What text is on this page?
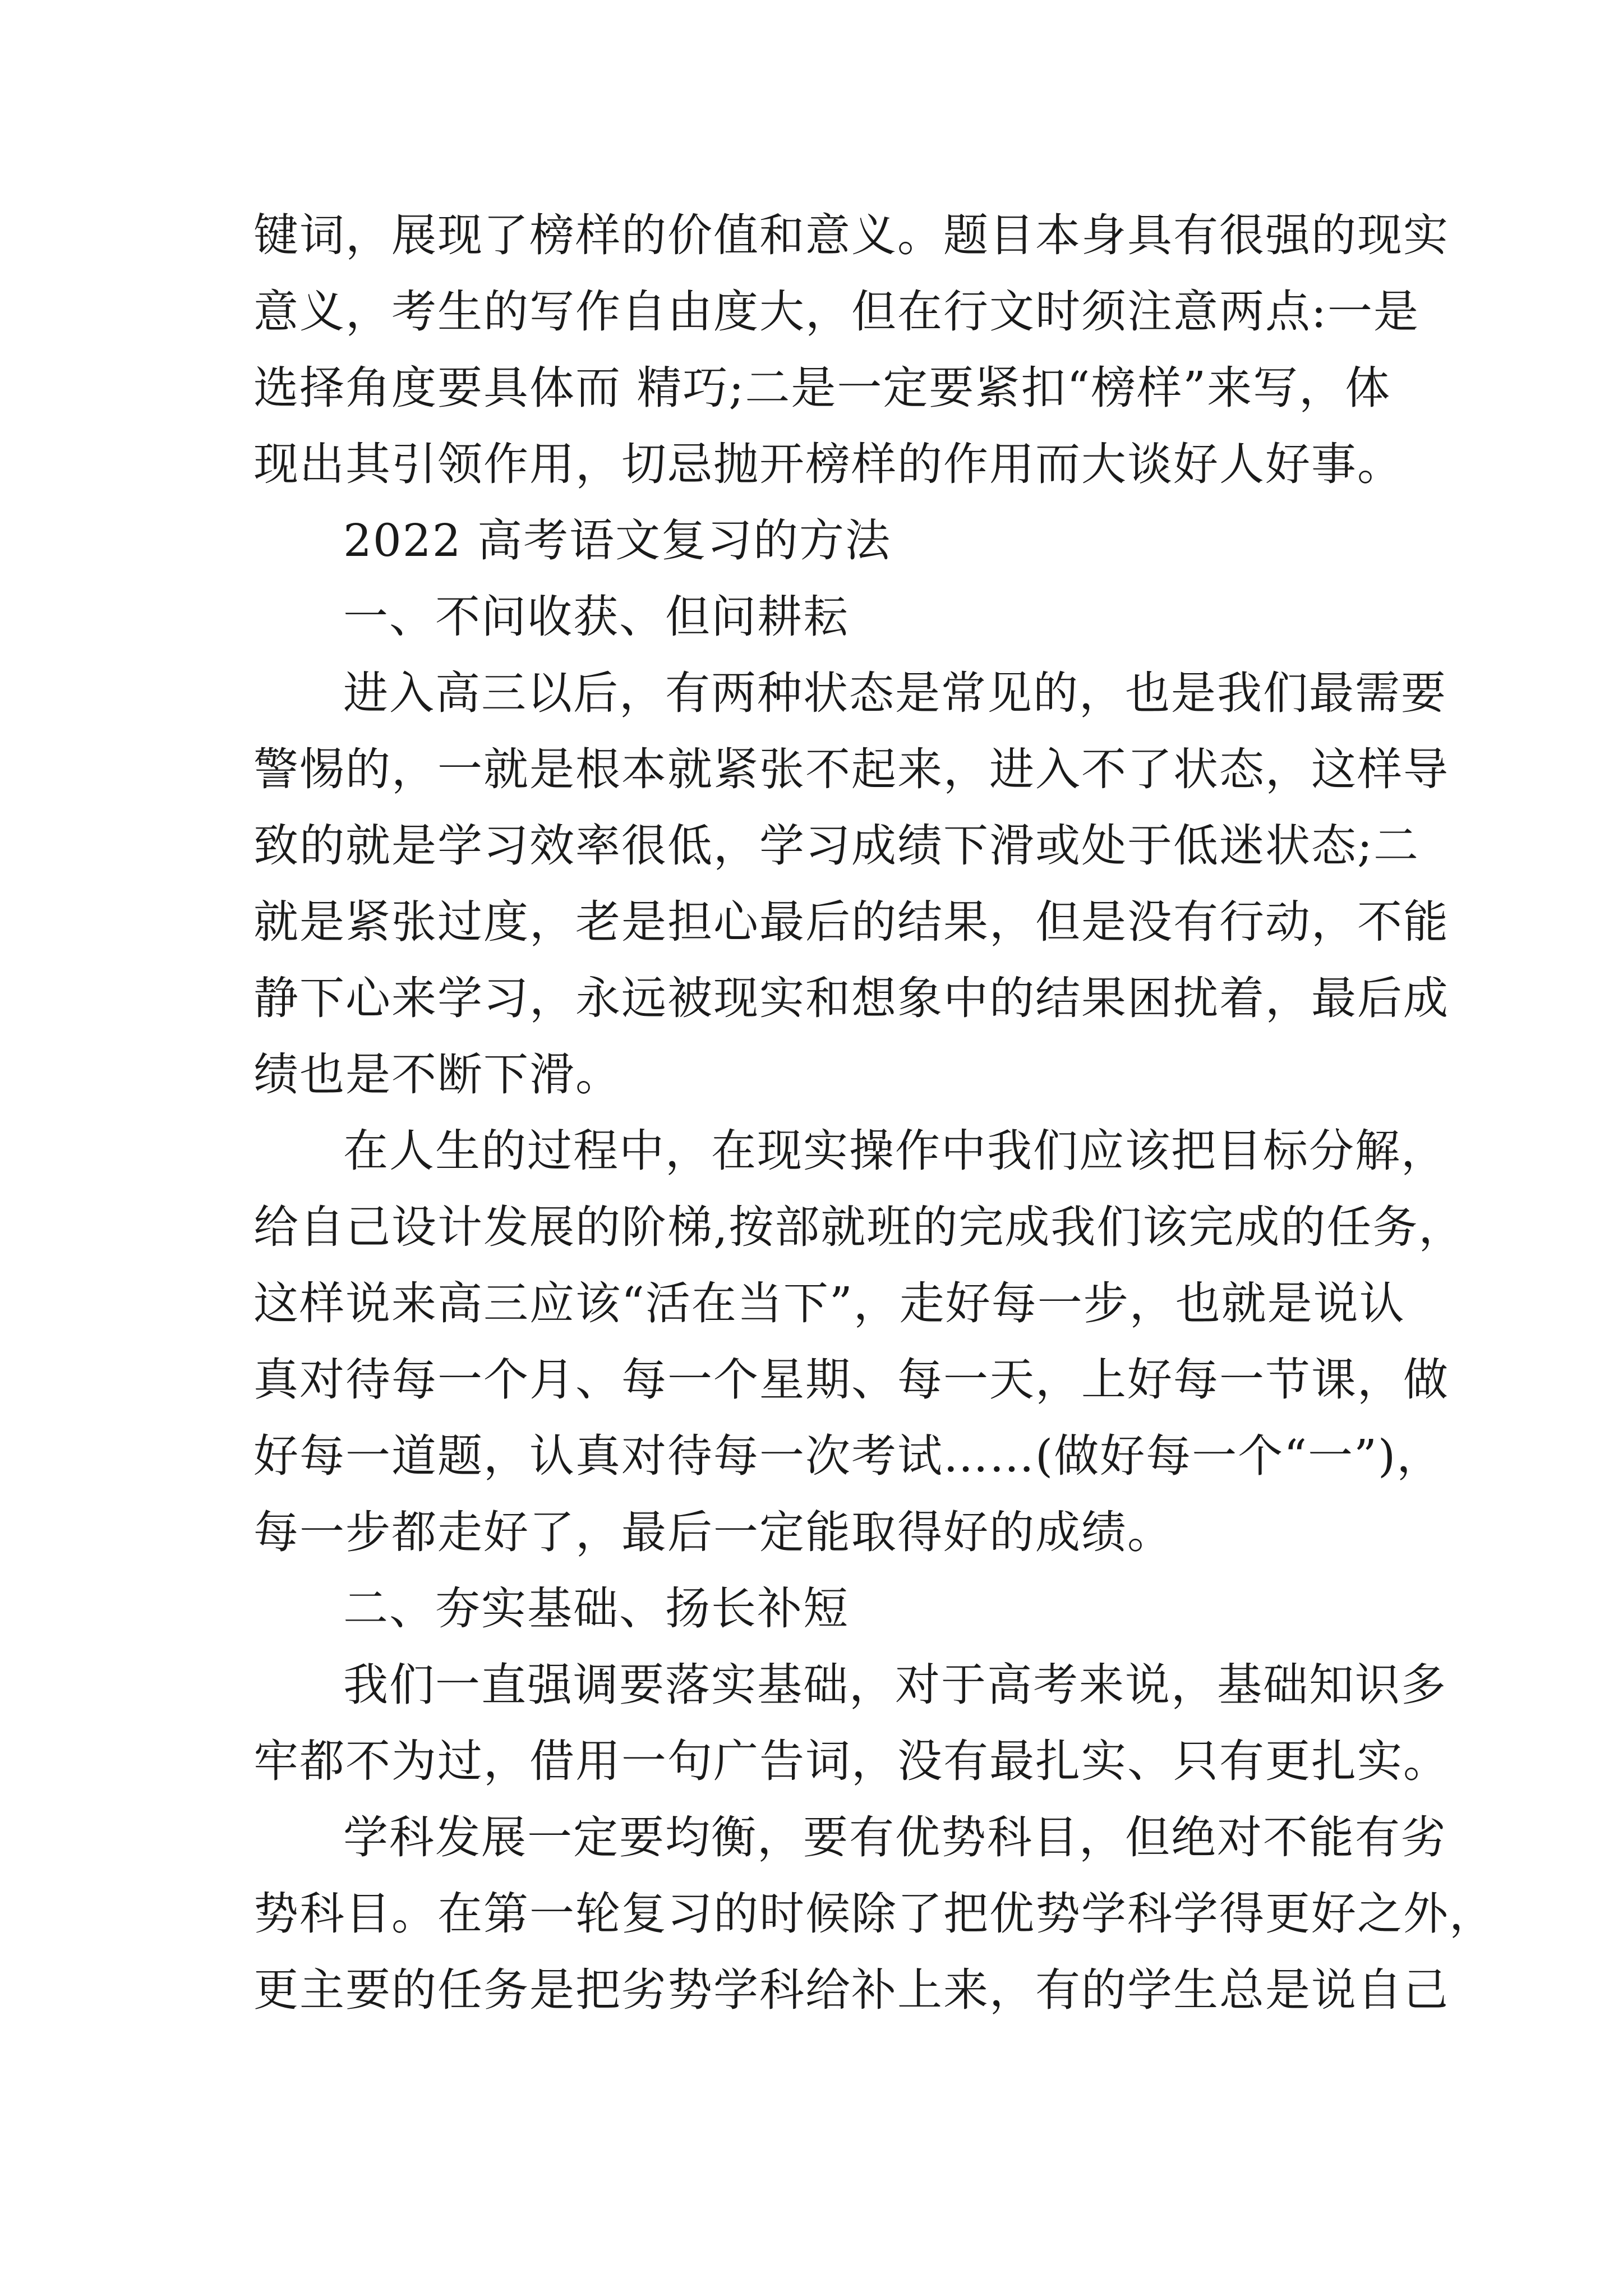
键词，展现了榜样的价值和意义。题目本身具有很强的现实
意义，考生的写作自由度大，但在行文时须注意两点:一是
选择角度要具体而 精巧;二是一定要紧扣“榜样”来写，体
现出其引领作用，切忌抛开榜样的作用而大谈好人好事。
2022 高考语文复习的方法
一、不问收获、但问耕耘
进入高三以后，有两种状态是常见的，也是我们最需要
警惕的，一就是根本就紧张不起来，进入不了状态，这样导
致的就是学习效率很低，学习成绩下滑或处于低迷状态;二
就是紧张过度，老是担心最后的结果，但是没有行动，不能
静下心来学习，永远被现实和想象中的结果困扰着，最后成
绩也是不断下滑。
在人生的过程中，在现实操作中我们应该把目标分解，
给自己设计发展的阶梯,按部就班的完成我们该完成的任务，
这样说来高三应该“活在当下”，走好每一步，也就是说认
真对待每一个月、每一个星期、每一天，上好每一节课，做
好每一道题，认真对待每一次考试……(做好每一个“一”)，
每一步都走好了，最后一定能取得好的成绩。
二、夯实基础、扬长补短
我们一直强调要落实基础，对于高考来说，基础知识多
牢都不为过，借用一句广告词，没有最扎实、只有更扎实。
学科发展一定要均衡，要有优势科目，但绝对不能有劣
势科目。在第一轮复习的时候除了把优势学科学得更好之外，
更主要的任务是把劣势学科给补上来，有的学生总是说自己
